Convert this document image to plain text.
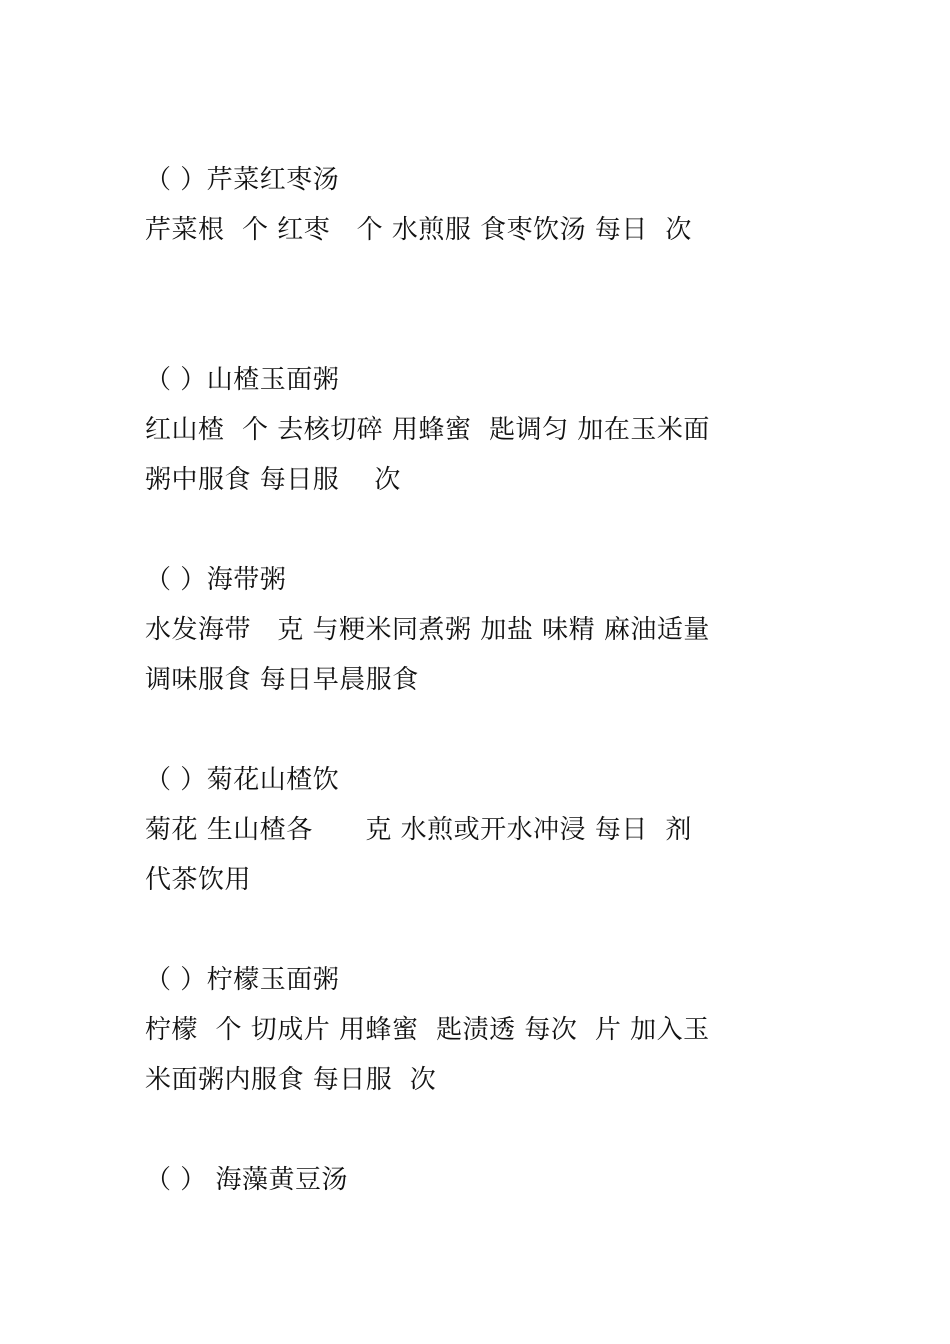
（ ）芹菜红枣汤
芹菜根  个 红枣   个 水煎服 食枣饮汤 每日  次
（ ）山楂玉面粥
红山楂  个 去核切碎 用蜂蜜  匙调匀 加在玉米面
粥中服食 每日服    次
（ ）海带粥
水发海带   克 与粳米同煮粥 加盐 味精 麻油适量
调味服食 每日早晨服食
（ ）菊花山楂饮
菊花 生山楂各      克 水煎或开水冲浸 每日  剂
代茶饮用
（ ）柠檬玉面粥
柠檬  个 切成片 用蜂蜜  匙渍透 每次  片 加入玉
米面粥内服食 每日服  次
（ ） 海藻黄豆汤
